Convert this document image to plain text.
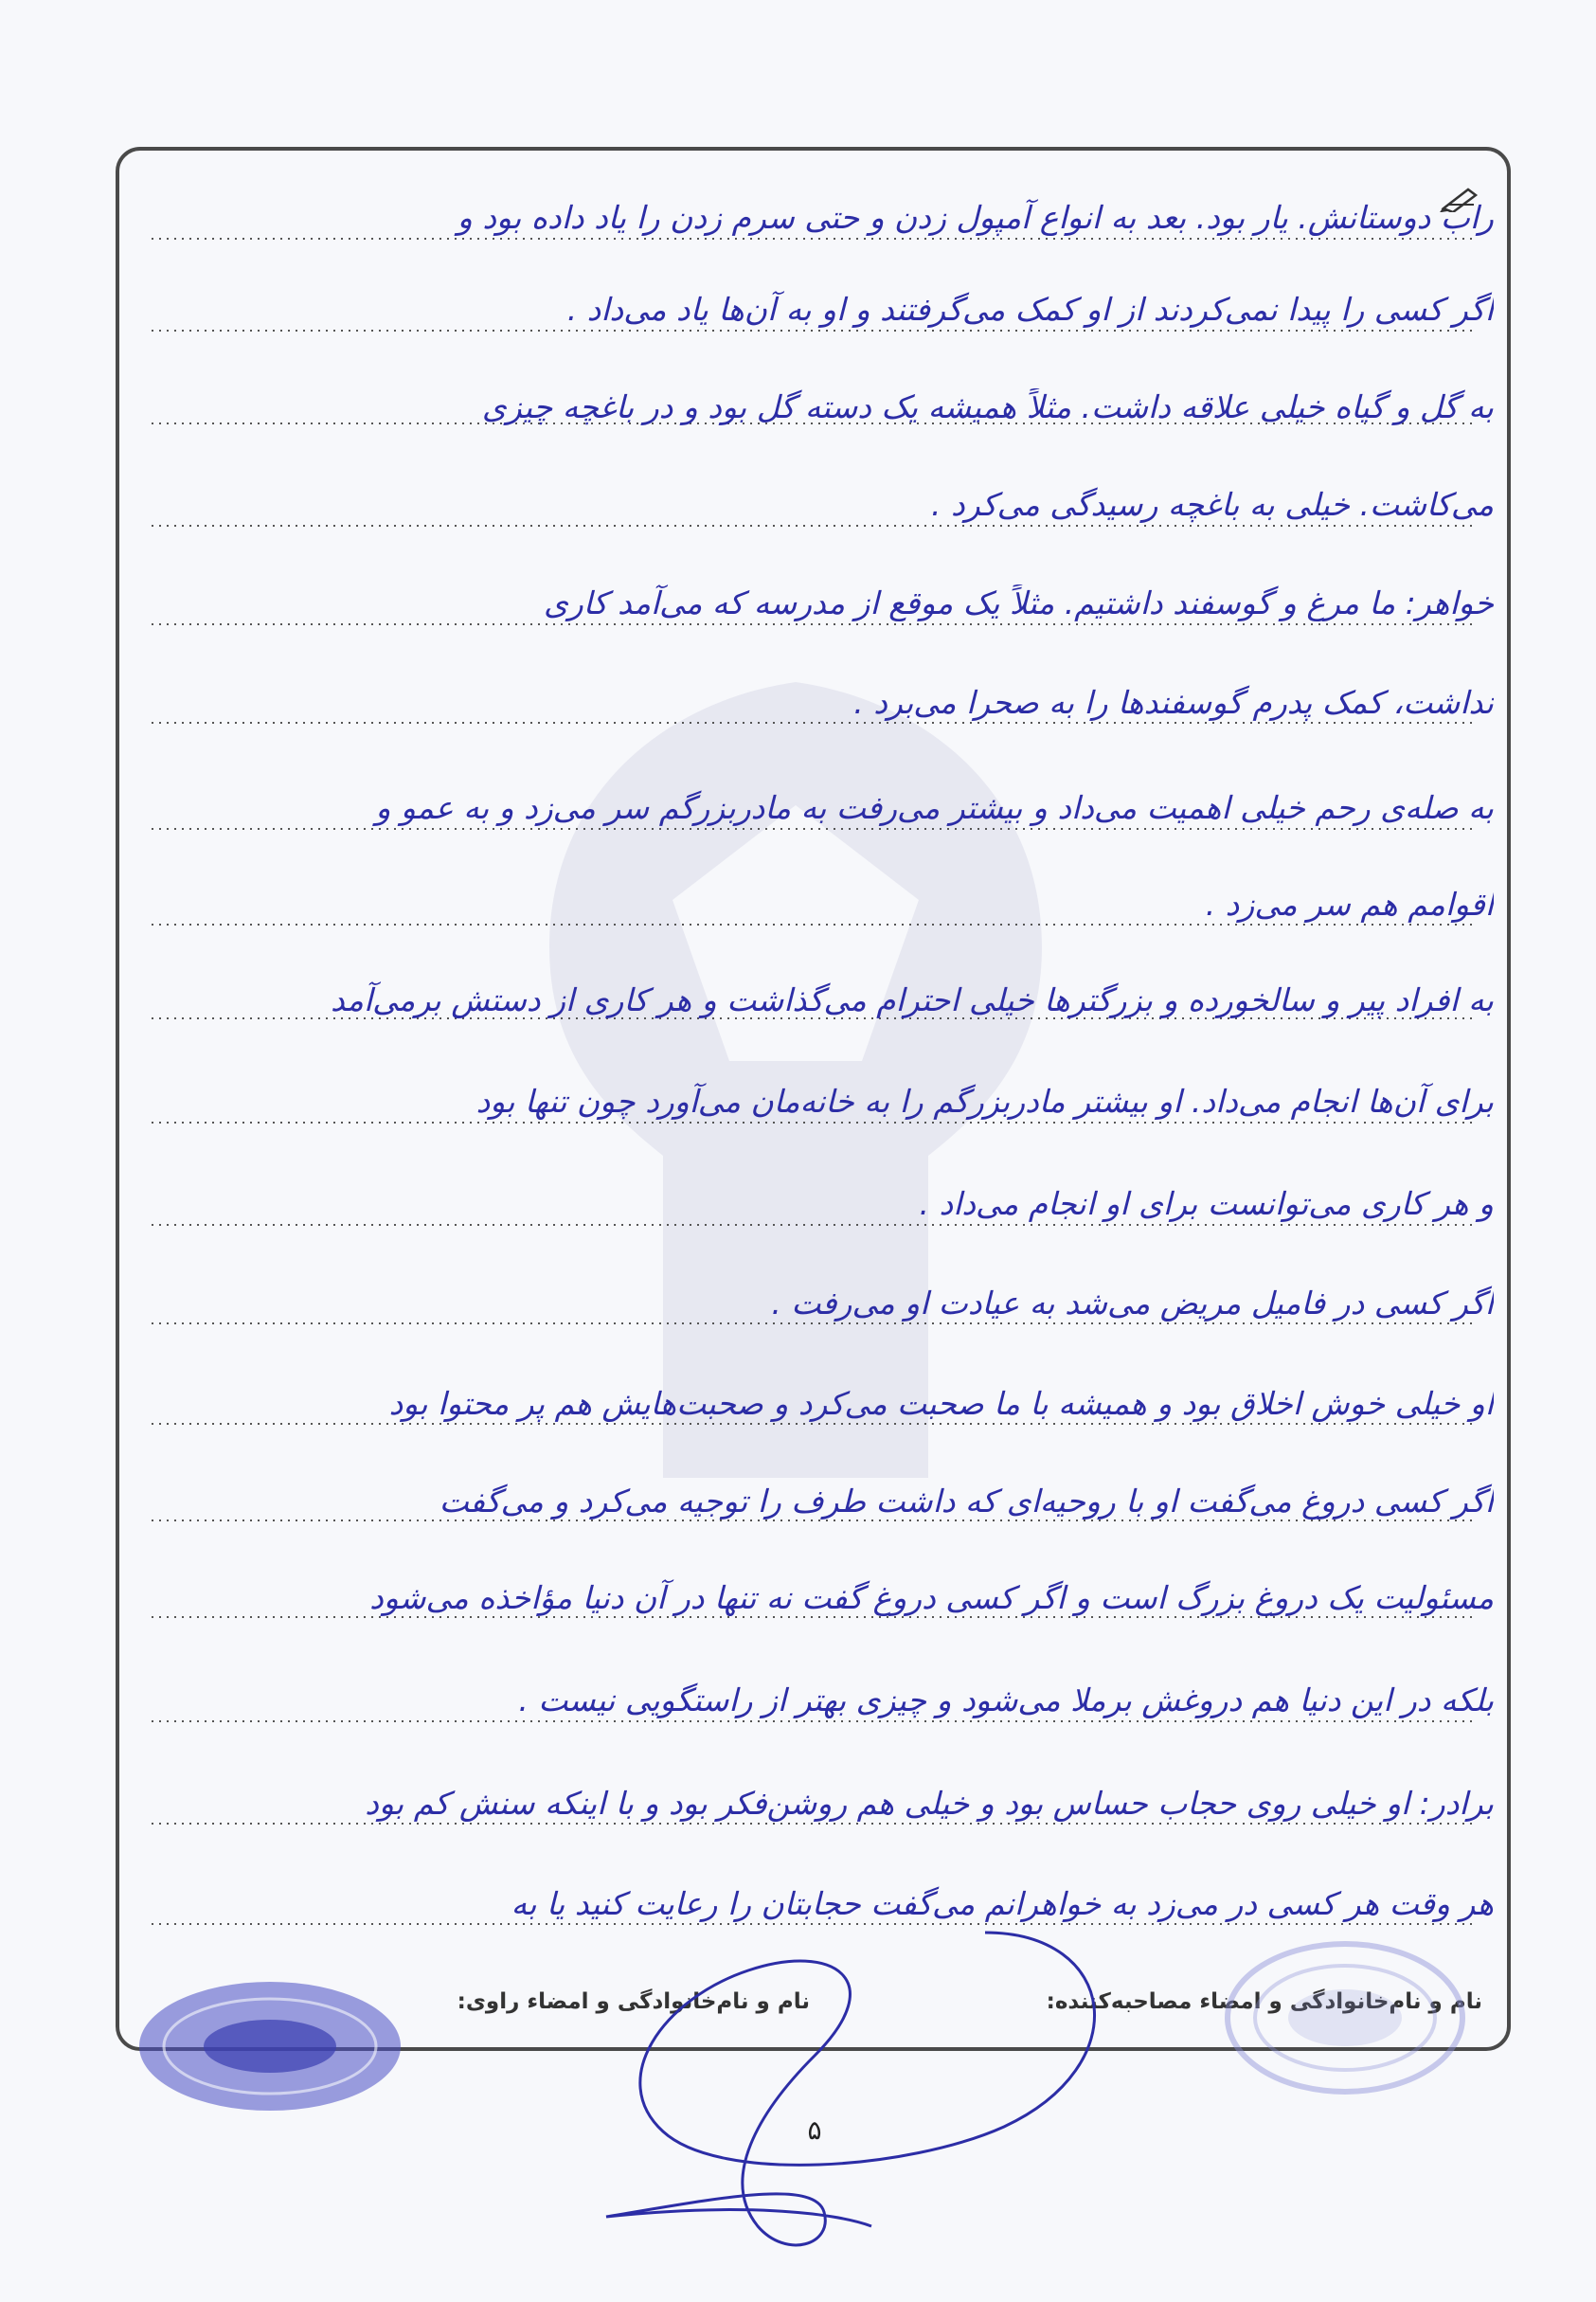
راب دوستانش. یار بود. بعد به انواع آمپول زدن و حتی سرم زدن را یاد داده بود و
اگر کسی را پیدا نمی‌کردند از او کمک می‌گرفتند و او به آن‌ها یاد می‌داد .
به گل و گیاه خیلی علاقه داشت. مثلاً همیشه یک دسته گل بود و در باغچه چیزی
می‌کاشت. خیلی به باغچه رسیدگی می‌کرد .
خواهر: ما مرغ و گوسفند داشتیم. مثلاً یک موقع از مدرسه که می‌آمد کاری
نداشت، کمک پدرم گوسفندها را به صحرا می‌برد .
به صله‌ی رحم خیلی اهمیت می‌داد و بیشتر می‌رفت به مادربزرگم سر می‌زد و به عمو و
اقوامم هم سر می‌زد .
به افراد پیر و سالخورده و بزرگترها خیلی احترام می‌گذاشت و هر کاری از دستش برمی‌آمد
برای آن‌ها انجام می‌داد. او بیشتر مادربزرگم را به خانه‌مان می‌آورد چون تنها بود
و هر کاری می‌توانست برای او انجام می‌داد .
اگر کسی در فامیل مریض می‌شد به عیادت او می‌رفت .
او خیلی خوش اخلاق بود و همیشه با ما صحبت می‌کرد و صحبت‌هایش هم پر محتوا بود
اگر کسی دروغ می‌گفت او با روحیه‌ای که داشت طرف را توجیه می‌کرد و می‌گفت
مسئولیت یک دروغ بزرگ است و اگر کسی دروغ گفت نه تنها در آن دنیا مؤاخذه می‌شود
بلکه در این دنیا هم دروغش برملا می‌شود و چیزی بهتر از راستگویی نیست .
برادر: او خیلی روی حجاب حساس بود و خیلی هم روشن‌فکر بود و با اینکه سنش کم بود
هر وقت هر کسی در می‌زد به خواهرانم می‌گفت حجابتان را رعایت کنید یا به
نام و نام‌خانوادگی و امضاء مصاحبه‌کننده:
نام و نام‌خانوادگی و امضاء راوی:
۵
